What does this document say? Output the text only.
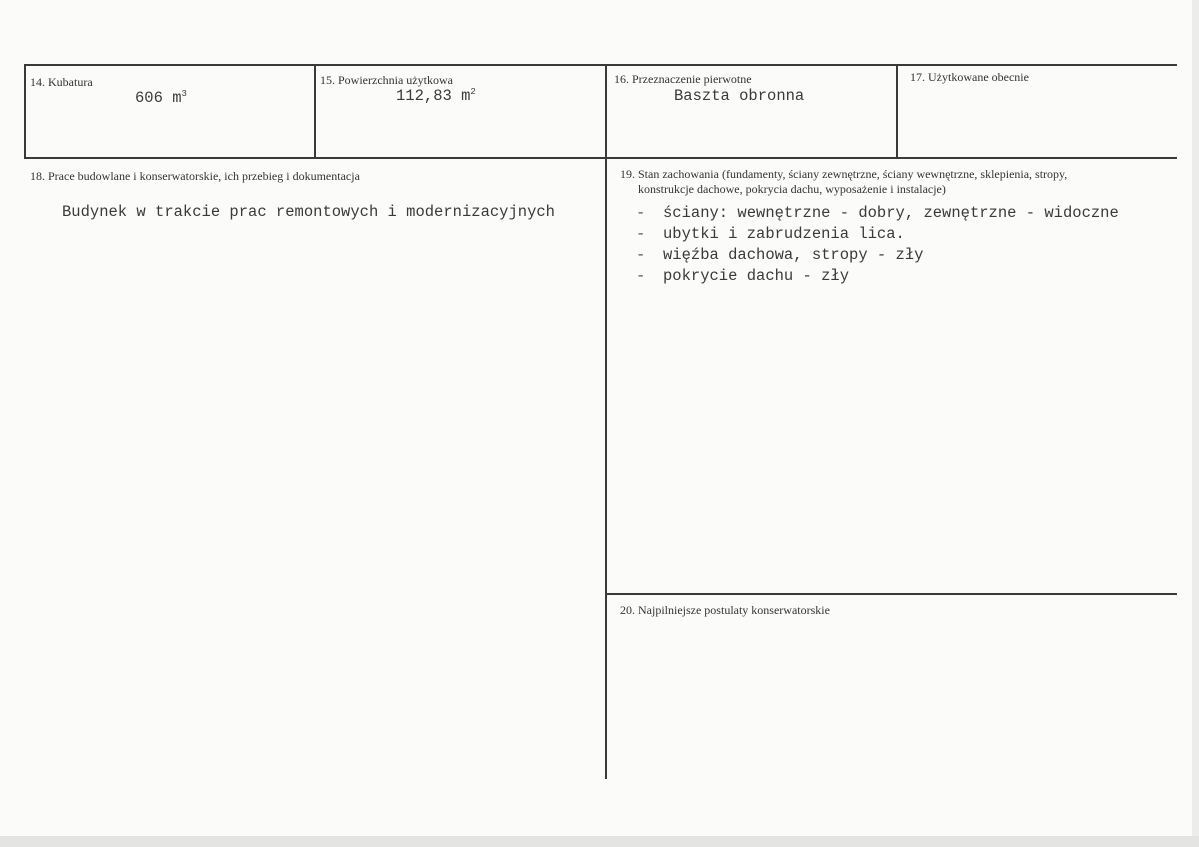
14. Kubatura
606 $m^3$
15. Powierzchnia użytkowa
112,83 $m^2$
16. Przeznaczenie pierwotne
Baszta obronna
17. Użytkowane obecnie
18. Prace budowlane i konserwatorskie, ich przebieg i dokumentacja
Budynek w trakcie prac remontowych i modernizacyjnych
19. Stan zachowania (fundamenty, ściany zewnętrzne, ściany wewnętrzne, sklepienia, stropy,
konstrukcje dachowe, pokrycia dachu, wyposażenie i instalacje)
- ściany: wewnętrzne - dobry, zewnętrzne - widoczne
- ubytki i zabrudzenia lica.
- więźba dachowa, stropy - zły
- pokrycie dachu - zły
20. Najpilniejsze postulaty konserwatorskie
